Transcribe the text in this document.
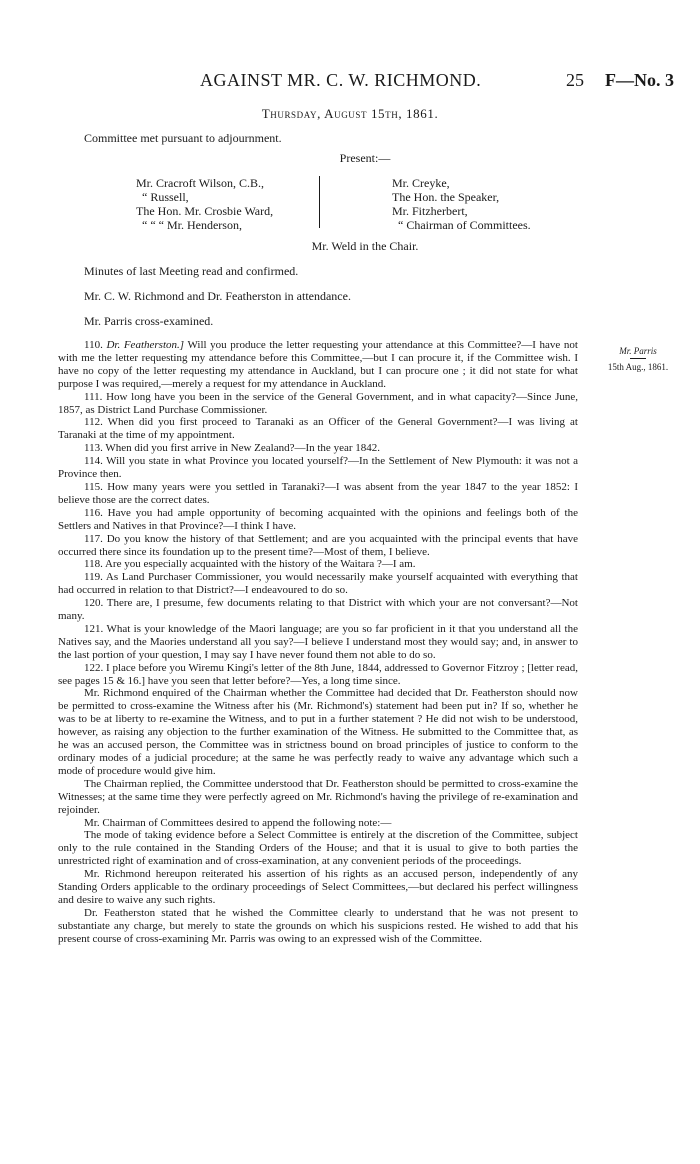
AGAINST MR. C. W. RICHMOND.	25 F—No. 3
Thursday, August 15th, 1861.
Committee met pursuant to adjournment.
Present:—
Mr. Cracroft Wilson, C.B.,
“ Russell,
The Hon. Mr. Crosbie Ward,
“ “ “ Mr. Henderson,
Mr. Creyke,
The Hon. the Speaker,
Mr. Fitzherbert,
“ Chairman of Committees.
Mr. Weld in the Chair.
Minutes of last Meeting read and confirmed.
Mr. C. W. Richmond and Dr. Featherston in attendance.
Mr. Parris cross-examined.
Mr. Parris
15th Aug., 1861.

110. Dr. Featherston.] Will you produce the letter requesting your attendance at this Committee?—I have not with me the letter requesting my attendance before this Committee,—but I can procure it, if the Committee wish. I have no copy of the letter requesting my attendance in Auckland, but I can procure one ; it did not state for what purpose I was required,—merely a request for my attendance in Auckland.

111. How long have you been in the service of the General Government, and in what capacity?—Since June, 1857, as District Land Purchase Commissioner.

112. When did you first proceed to Taranaki as an Officer of the General Government?—I was living at Taranaki at the time of my appointment.

113. When did you first arrive in New Zealand?—In the year 1842.

114. Will you state in what Province you located yourself?—In the Settlement of New Plymouth: it was not a Province then.

115. How many years were you settled in Taranaki?—I was absent from the year 1847 to the year 1852: I believe those are the correct dates.

116. Have you had ample opportunity of becoming acquainted with the opinions and feelings both of the Settlers and Natives in that Province?—I think I have.

117. Do you know the history of that Settlement; and are you acquainted with the principal events that have occurred there since its foundation up to the present time?—Most of them, I believe.

118. Are you especially acquainted with the history of the Waitara ?—I am.

119. As Land Purchaser Commissioner, you would necessarily make yourself acquainted with everything that had occurred in relation to that District?—I endeavoured to do so.

120. There are, I presume, few documents relating to that District with which your are not conversant?—Not many.

121. What is your knowledge of the Maori language; are you so far proficient in it that you understand all the Natives say, and the Maories understand all you say?—I believe I understand most they would say; and, in answer to the last portion of your question, I may say I have never found them not able to do so.

122. I place before you Wiremu Kingi's letter of the 8th June, 1844, addressed to Governor Fitzroy ; [letter read, see pages 15 & 16.] have you seen that letter before?—Yes, a long time since.

Mr. Richmond enquired of the Chairman whether the Committee had decided that Dr. Featherston should now be permitted to cross-examine the Witness after his (Mr. Richmond's) statement had been put in? If so, whether he was to be at liberty to re-examine the Witness, and to put in a further statement ? He did not wish to be understood, however, as raising any objection to the further examination of the Witness. He submitted to the Committee that, as he was an accused person, the Committee was in strictness bound on broad principles of justice to conform to the ordinary modes of a judicial procedure; at the same he was perfectly ready to waive any advantage which such a mode of procedure would give him.

The Chairman replied, the Committee understood that Dr. Featherston should be permitted to cross-examine the Witnesses; at the same time they were perfectly agreed on Mr. Richmond's having the privilege of re-examination and rejoinder.

Mr. Chairman of Committees desired to append the following note:—

The mode of taking evidence before a Select Committee is entirely at the discretion of the Committee, subject only to the rule contained in the Standing Orders of the House; and that it is usual to give to both parties the unrestricted right of examination and of cross-examination, at any convenient periods of the proceedings.

Mr. Richmond hereupon reiterated his assertion of his rights as an accused person, independently of any Standing Orders applicable to the ordinary proceedings of Select Committees,—but declared his perfect willingness and desire to waive any such rights.

Dr. Featherston stated that he wished the Committee clearly to understand that he was not present to substantiate any charge, but merely to state the grounds on which his suspicions rested. He wished to add that his present course of cross-examining Mr. Parris was owing to an expressed wish of the Committee.
